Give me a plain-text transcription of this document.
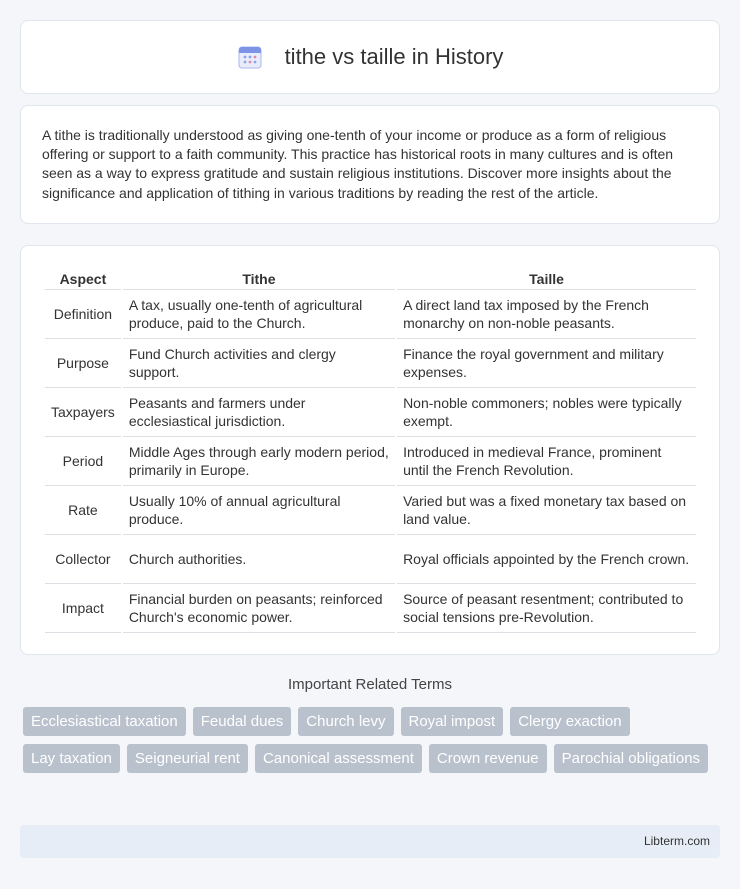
tithe vs taille in History

A tithe is traditionally understood as giving one-tenth of your income or produce as a form of religious offering or support to a faith community. This practice has historical roots in many cultures and is often seen as a way to express gratitude and sustain religious institutions. Discover more insights about the significance and application of tithing in various traditions by reading the rest of the article.

Aspect	Tithe	Taille
Definition	A tax, usually one-tenth of agricultural produce, paid to the Church.	A direct land tax imposed by the French monarchy on non-noble peasants.
Purpose	Fund Church activities and clergy support.	Finance the royal government and military expenses.
Taxpayers	Peasants and farmers under ecclesiastical jurisdiction.	Non-noble commoners; nobles were typically exempt.
Period	Middle Ages through early modern period, primarily in Europe.	Introduced in medieval France, prominent until the French Revolution.
Rate	Usually 10% of annual agricultural produce.	Varied but was a fixed monetary tax based on land value.
Collector	Church authorities.	Royal officials appointed by the French crown.
Impact	Financial burden on peasants; reinforced Church's economic power.	Source of peasant resentment; contributed to social tensions pre-Revolution.
Important Related Terms
Ecclesiastical taxation	Feudal dues	Church levy	Royal impost	Clergy exaction
Lay taxation	Seigneurial rent	Canonical assessment	Crown revenue	Parochial obligations
Libterm.com
